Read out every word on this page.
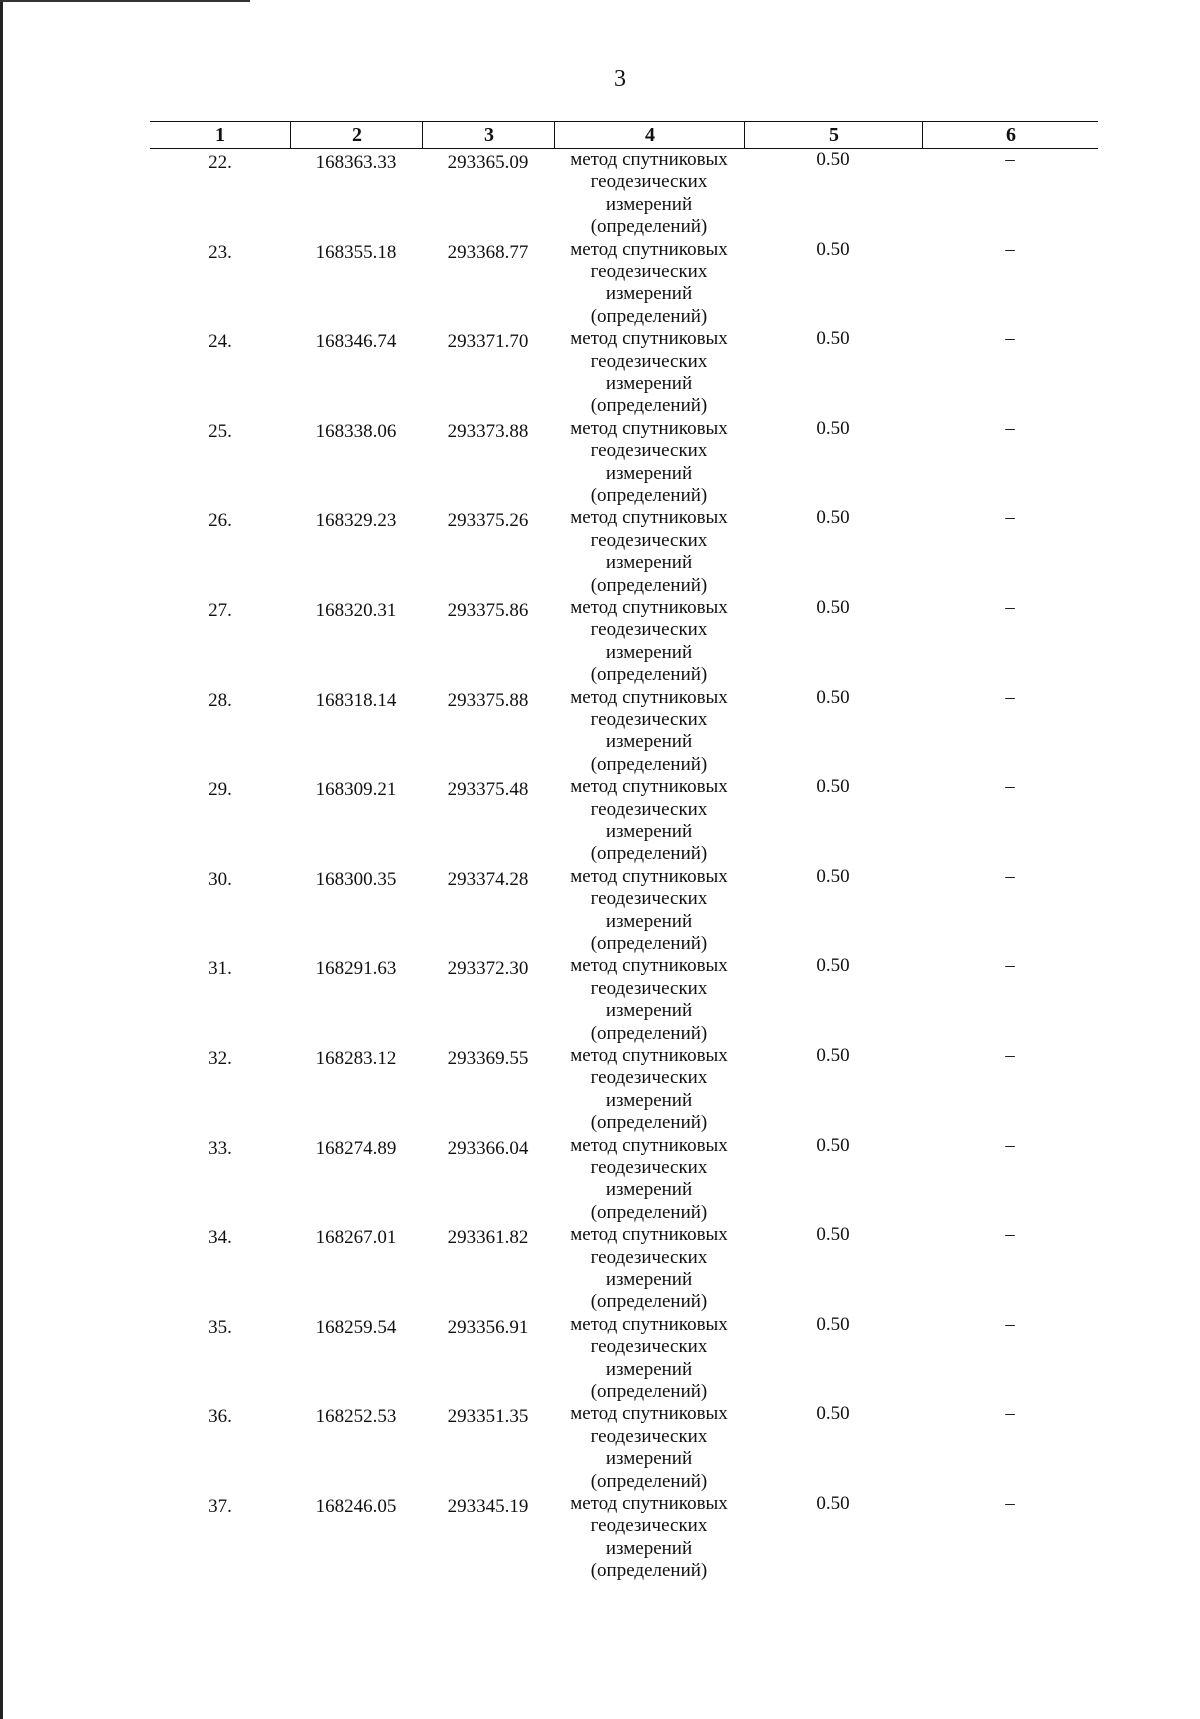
3
1	2	3	4	5	6
22.	168363.33	293365.09	метод спутниковых
геодезических
измерений
(определений)
0.50	–
23.	168355.18	293368.77	метод спутниковых
геодезических
измерений
(определений)
0.50	–
24.	168346.74	293371.70	метод спутниковых
геодезических
измерений
(определений)
0.50	–
25.	168338.06	293373.88	метод спутниковых
геодезических
измерений
(определений)
0.50	–
26.	168329.23	293375.26	метод спутниковых
геодезических
измерений
(определений)
0.50	–
27.	168320.31	293375.86	метод спутниковых
геодезических
измерений
(определений)
0.50	–
28.	168318.14	293375.88	метод спутниковых
геодезических
измерений
(определений)
0.50	–
29.	168309.21	293375.48	метод спутниковых
геодезических
измерений
(определений)
0.50	–
30.	168300.35	293374.28	метод спутниковых
геодезических
измерений
(определений)
0.50	–
31.	168291.63	293372.30	метод спутниковых
геодезических
измерений
(определений)
0.50	–
32.	168283.12	293369.55	метод спутниковых
геодезических
измерений
(определений)
0.50	–
33.	168274.89	293366.04	метод спутниковых
геодезических
измерений
(определений)
0.50	–
34.	168267.01	293361.82	метод спутниковых
геодезических
измерений
(определений)
0.50	–
35.	168259.54	293356.91	метод спутниковых
геодезических
измерений
(определений)
0.50	–
36.	168252.53	293351.35	метод спутниковых
геодезических
измерений
(определений)
0.50	–
37.	168246.05	293345.19	метод спутниковых
геодезических
измерений
(определений)
0.50	–
